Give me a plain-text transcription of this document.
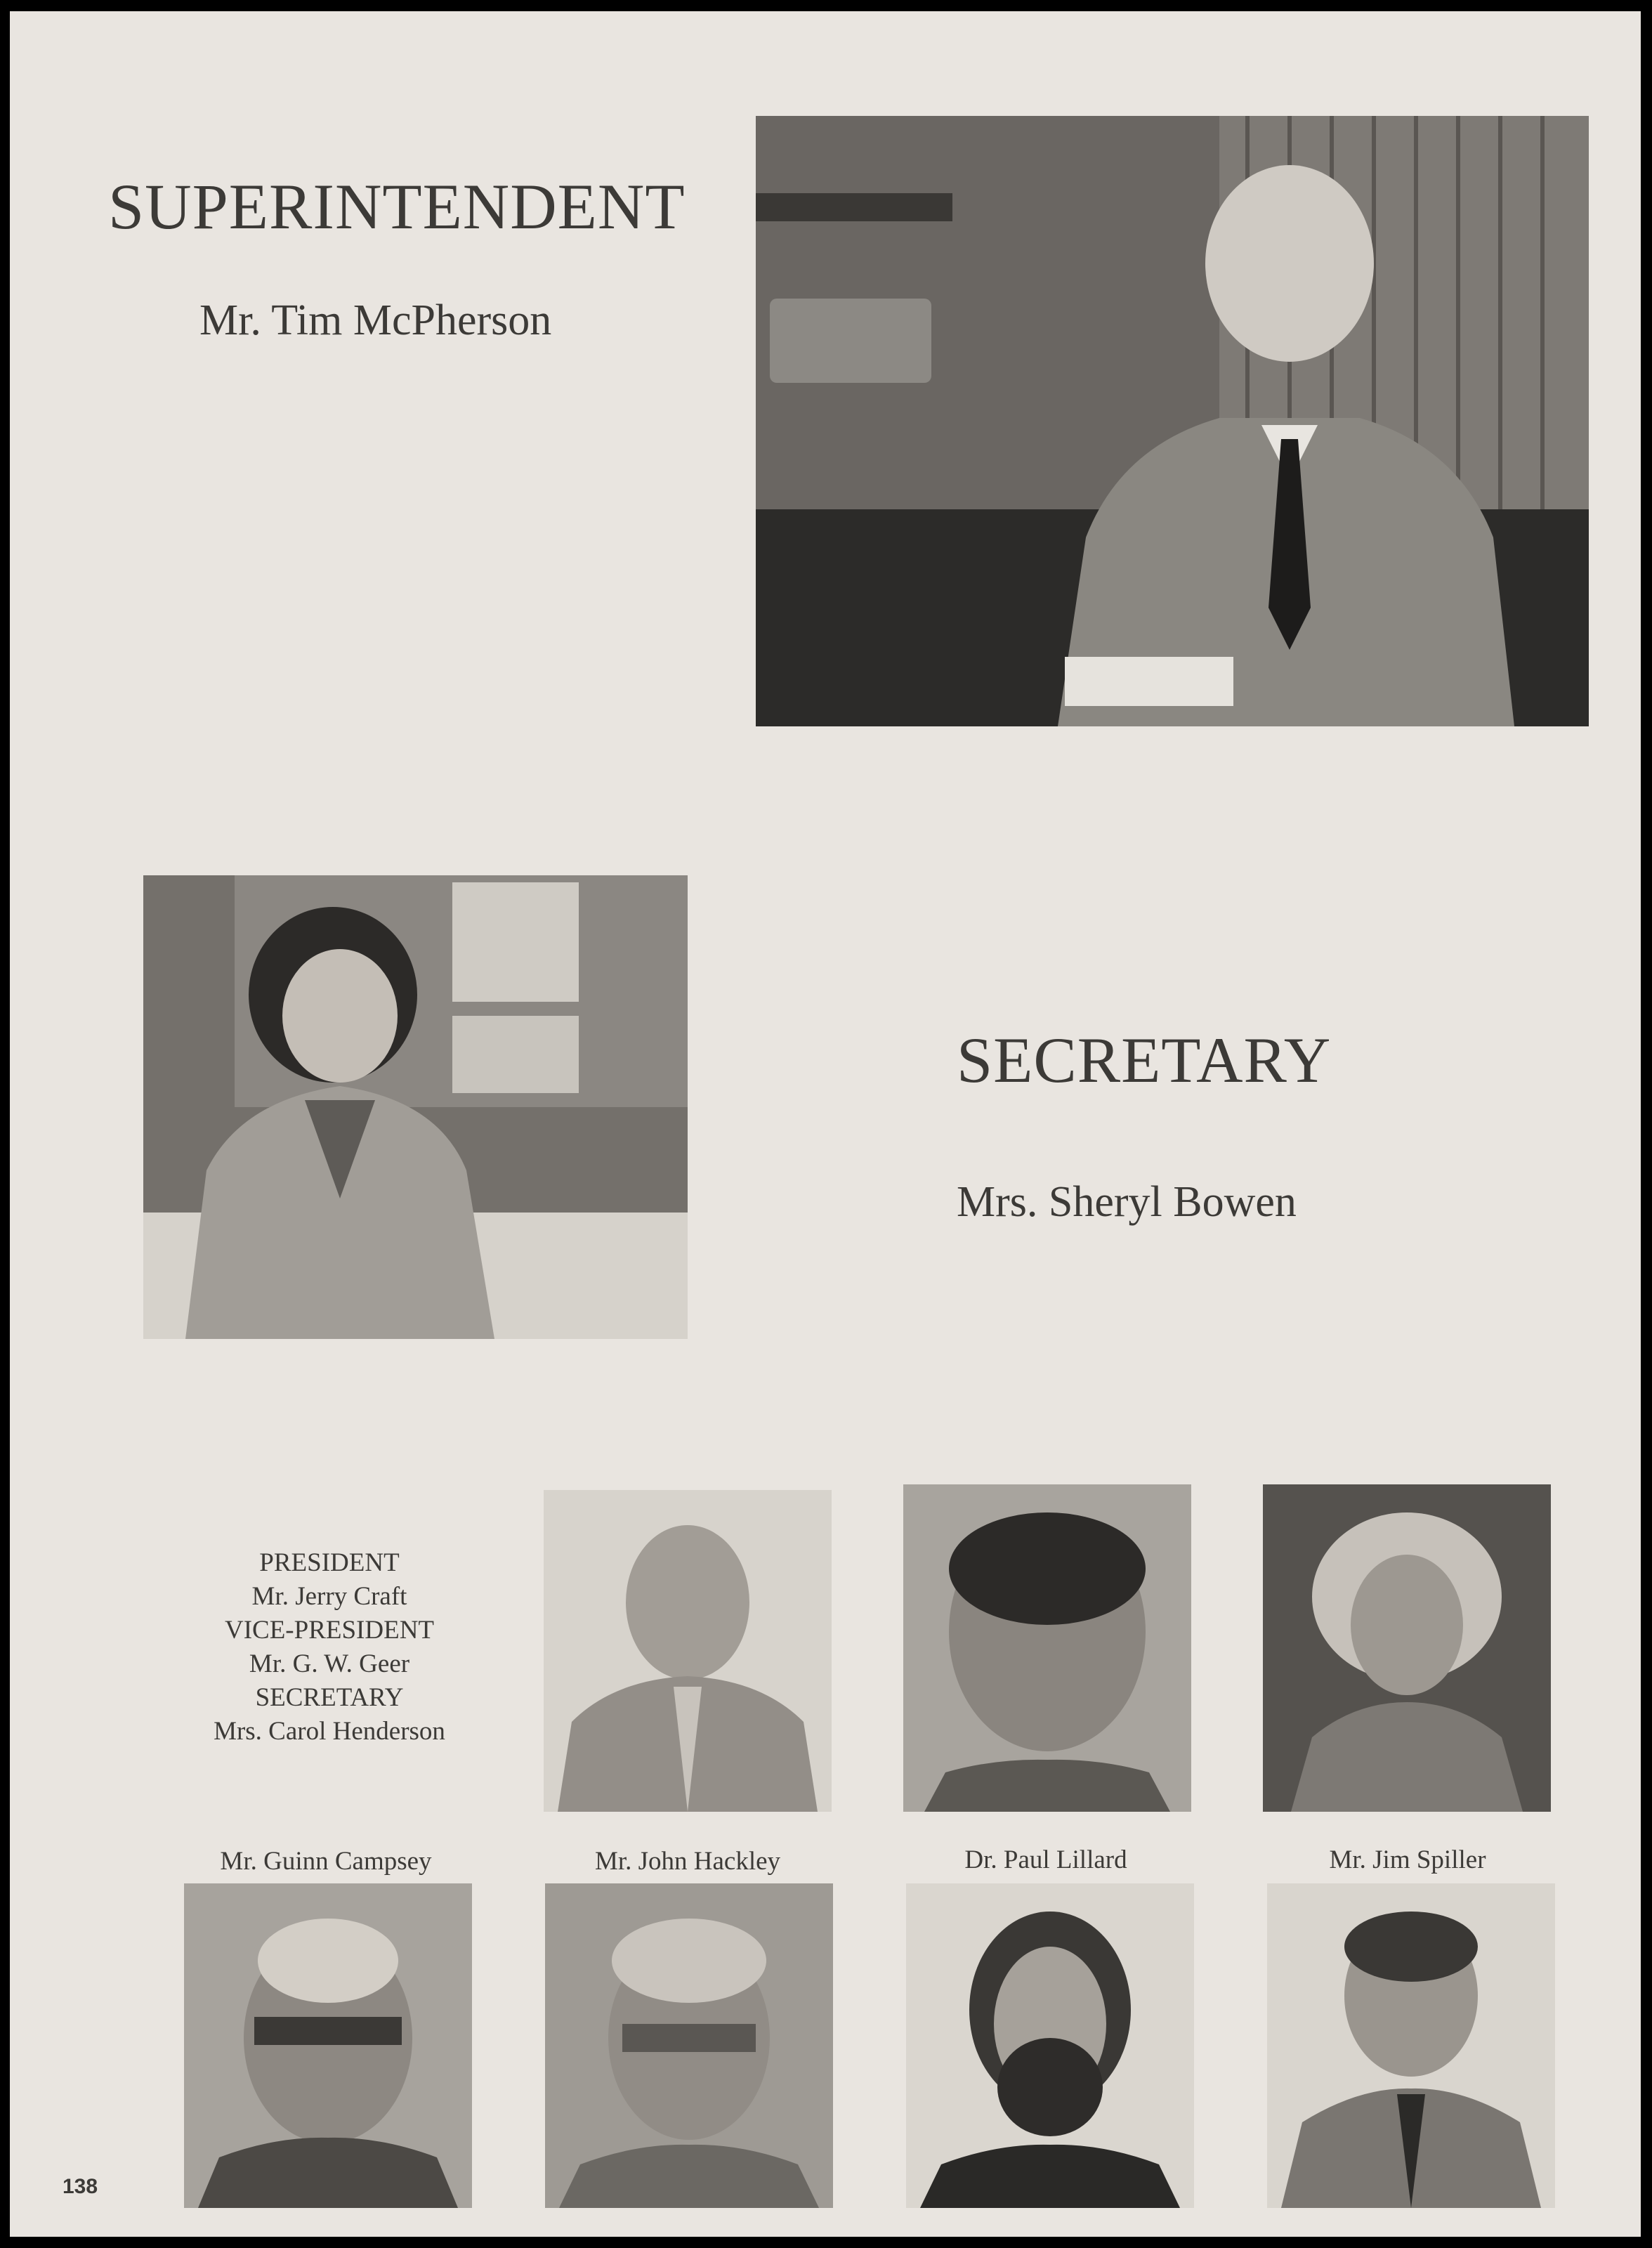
SUPERINTENDENT
Mr. Tim McPherson
SECRETARY
Mrs. Sheryl Bowen
PRESIDENT
Mr. Jerry Craft
VICE-PRESIDENT
Mr. G. W. Geer
SECRETARY
Mrs. Carol Henderson
Mr. Guinn Campsey	Mr. John Hackley	Dr. Paul Lillard	Mr. Jim Spiller
138
